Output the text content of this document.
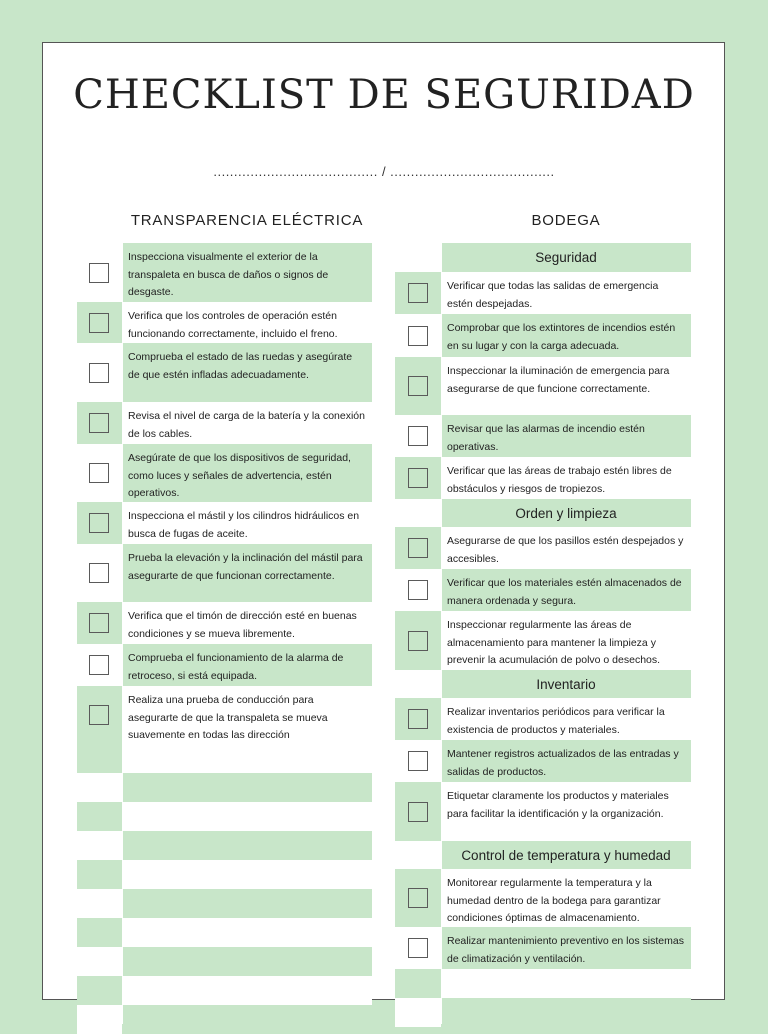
CHECKLIST DE SEGURIDAD
........................................ / ........................................
TRANSPARENCIA ELÉCTRICA	BODEGA
Inspecciona visualmente el exterior de la transpaleta en busca de daños o signos de desgaste.
Verifica que los controles de operación estén funcionando correctamente, incluido el freno.
Comprueba el estado de las ruedas y asegúrate de que estén infladas adecuadamente.
Revisa el nivel de carga de la batería y la conexión de los cables.
Asegúrate de que los dispositivos de seguridad, como luces y señales de advertencia, estén operativos.
Inspecciona el mástil y los cilindros hidráulicos en busca de fugas de aceite.
Prueba la elevación y la inclinación del mástil para asegurarte de que funcionan correctamente.
Verifica que el timón de dirección esté en buenas condiciones y se mueva libremente.
Comprueba el funcionamiento de la alarma de retroceso, si está equipada.
Realiza una prueba de conducción para asegurarte de que la transpaleta se mueva suavemente en todas las dirección
Seguridad
Verificar que todas las salidas de emergencia estén despejadas.
Comprobar que los extintores de incendios estén en su lugar y con la carga adecuada.
Inspeccionar la iluminación de emergencia para asegurarse de que funcione correctamente.
Revisar que las alarmas de incendio estén operativas.
Verificar que las áreas de trabajo estén libres de obstáculos y riesgos de tropiezos.
Orden y limpieza
Asegurarse de que los pasillos estén despejados y accesibles.
Verificar que los materiales estén almacenados de manera ordenada y segura.
Inspeccionar regularmente las áreas de almacenamiento para mantener la limpieza y prevenir la acumulación de polvo o desechos.
Inventario
Realizar inventarios periódicos para verificar la existencia de productos y materiales.
Mantener registros actualizados de las entradas y salidas de productos.
Etiquetar claramente los productos y materiales para facilitar la identificación y la organización.
Control de temperatura y humedad
Monitorear regularmente la temperatura y la humedad dentro de la bodega para garantizar condiciones óptimas de almacenamiento.
Realizar mantenimiento preventivo en los sistemas de climatización y ventilación.
